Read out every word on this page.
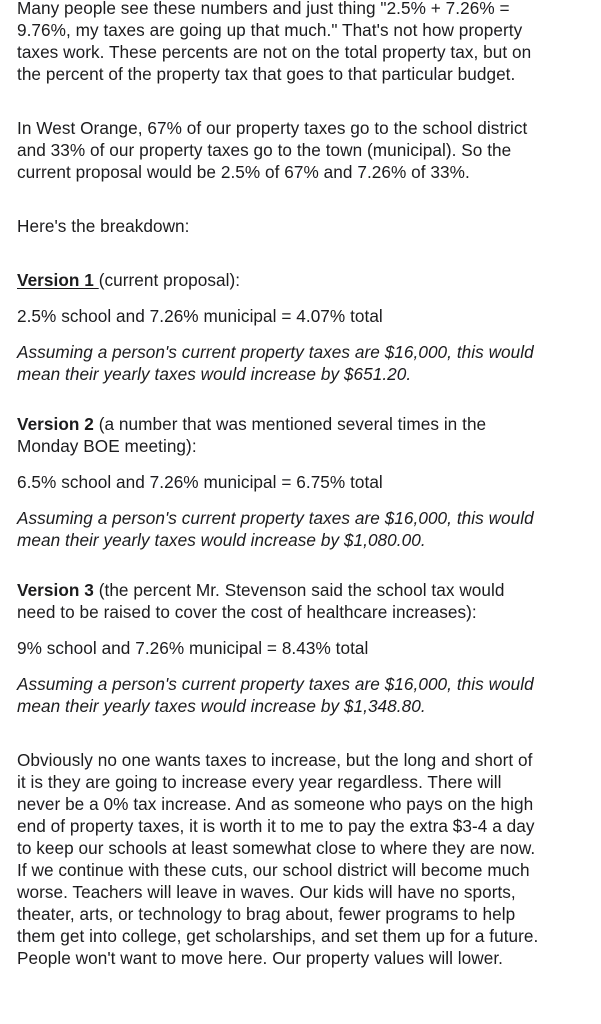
Many people see these numbers and just thing "2.5% + 7.26% =
9.76%, my taxes are going up that much." That's not how property
taxes work. These percents are not on the total property tax, but on
the percent of the property tax that goes to that particular budget.

In West Orange, 67% of our property taxes go to the school district
and 33% of our property taxes go to the town (municipal). So the
current proposal would be 2.5% of 67% and 7.26% of 33%.

Here's the breakdown:

Version 1 (current proposal):

2.5% school and 7.26% municipal = 4.07% total

Assuming a person's current property taxes are $16,000, this would
mean their yearly taxes would increase by $651.20.

Version 2 (a number that was mentioned several times in the
Monday BOE meeting):

6.5% school and 7.26% municipal = 6.75% total

Assuming a person's current property taxes are $16,000, this would
mean their yearly taxes would increase by $1,080.00.

Version 3 (the percent Mr. Stevenson said the school tax would
need to be raised to cover the cost of healthcare increases):

9% school and 7.26% municipal = 8.43% total

Assuming a person's current property taxes are $16,000, this would
mean their yearly taxes would increase by $1,348.80.

Obviously no one wants taxes to increase, but the long and short of
it is they are going to increase every year regardless. There will
never be a 0% tax increase. And as someone who pays on the high
end of property taxes, it is worth it to me to pay the extra $3-4 a day
to keep our schools at least somewhat close to where they are now.
If we continue with these cuts, our school district will become much
worse. Teachers will leave in waves. Our kids will have no sports,
theater, arts, or technology to brag about, fewer programs to help
them get into college, get scholarships, and set them up for a future.
People won't want to move here. Our property values will lower.
